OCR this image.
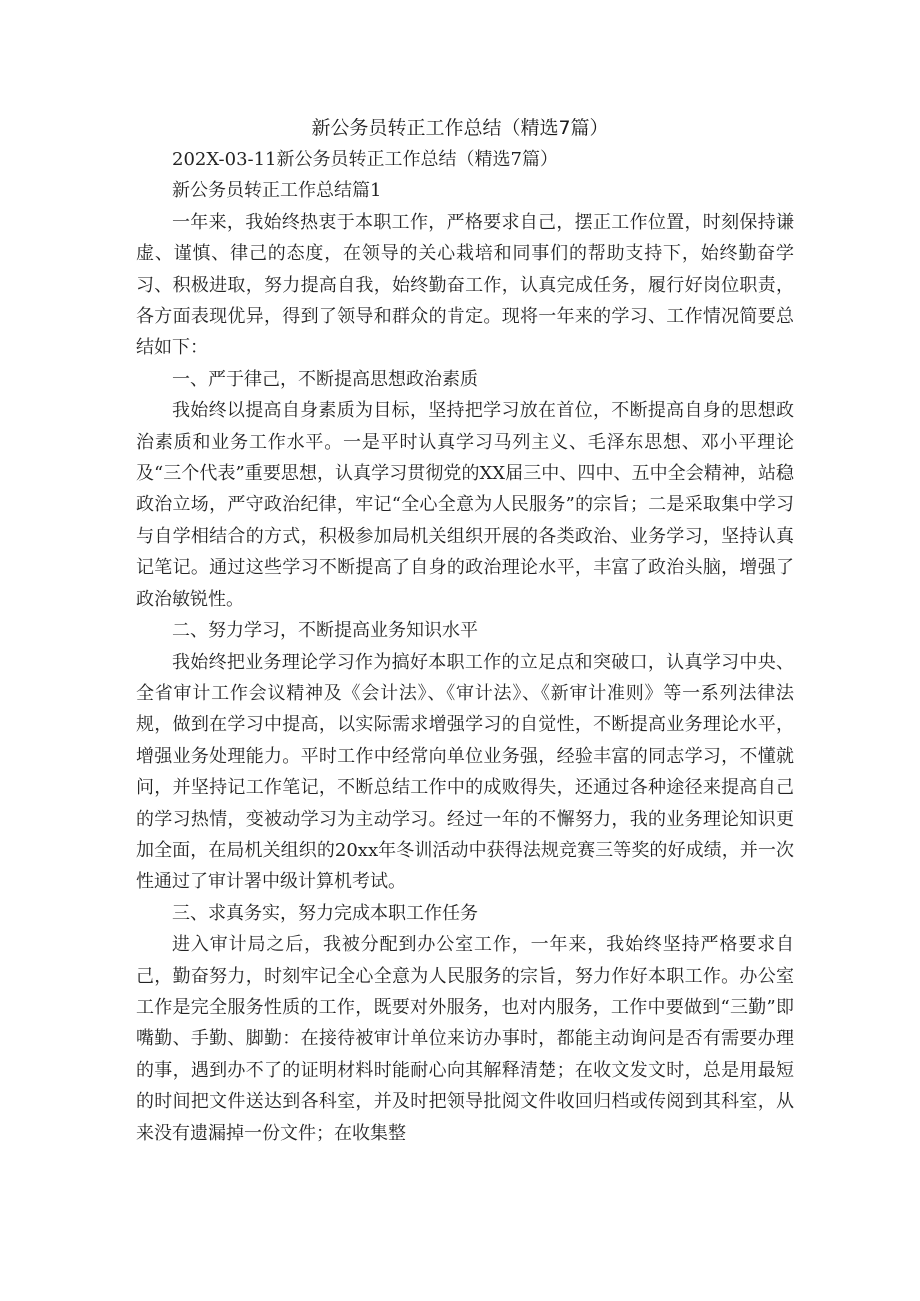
新公务员转正工作总结（精选7篇）

202X-03-11新公务员转正工作总结（精选7篇）

新公务员转正工作总结篇1

一年来，我始终热衷于本职工作，严格要求自己，摆正工作位置，时刻保持谦虚、谨慎、律己的态度，在领导的关心栽培和同事们的帮助支持下，始终勤奋学习、积极进取，努力提高自我，始终勤奋工作，认真完成任务，履行好岗位职责，各方面表现优异，得到了领导和群众的肯定。现将一年来的学习、工作情况简要总结如下：

一、严于律己，不断提高思想政治素质

我始终以提高自身素质为目标，坚持把学习放在首位，不断提高自身的思想政治素质和业务工作水平。一是平时认真学习马列主义、毛泽东思想、邓小平理论及“三个代表”重要思想，认真学习贯彻党的XX届三中、四中、五中全会精神，站稳政治立场，严守政治纪律，牢记“全心全意为人民服务”的宗旨；二是采取集中学习与自学相结合的方式，积极参加局机关组织开展的各类政治、业务学习，坚持认真记笔记。通过这些学习不断提高了自身的政治理论水平，丰富了政治头脑，增强了政治敏锐性。

二、努力学习，不断提高业务知识水平

我始终把业务理论学习作为搞好本职工作的立足点和突破口，认真学习中央、全省审计工作会议精神及《会计法》、《审计法》、《新审计准则》等一系列法律法规，做到在学习中提高，以实际需求增强学习的自觉性，不断提高业务理论水平，增强业务处理能力。平时工作中经常向单位业务强，经验丰富的同志学习，不懂就问，并坚持记工作笔记，不断总结工作中的成败得失，还通过各种途径来提高自己的学习热情，变被动学习为主动学习。经过一年的不懈努力，我的业务理论知识更加全面，在局机关组织的20xx年冬训活动中获得法规竞赛三等奖的好成绩，并一次性通过了审计署中级计算机考试。

三、求真务实，努力完成本职工作任务

进入审计局之后，我被分配到办公室工作，一年来，我始终坚持严格要求自己，勤奋努力，时刻牢记全心全意为人民服务的宗旨，努力作好本职工作。办公室工作是完全服务性质的工作，既要对外服务，也对内服务，工作中要做到“三勤”即嘴勤、手勤、脚勤：在接待被审计单位来访办事时，都能主动询问是否有需要办理的事，遇到办不了的证明材料时能耐心向其解释清楚；在收文发文时，总是用最短的时间把文件送达到各科室，并及时把领导批阅文件收回归档或传阅到其科室，从来没有遗漏掉一份文件；在收集整
